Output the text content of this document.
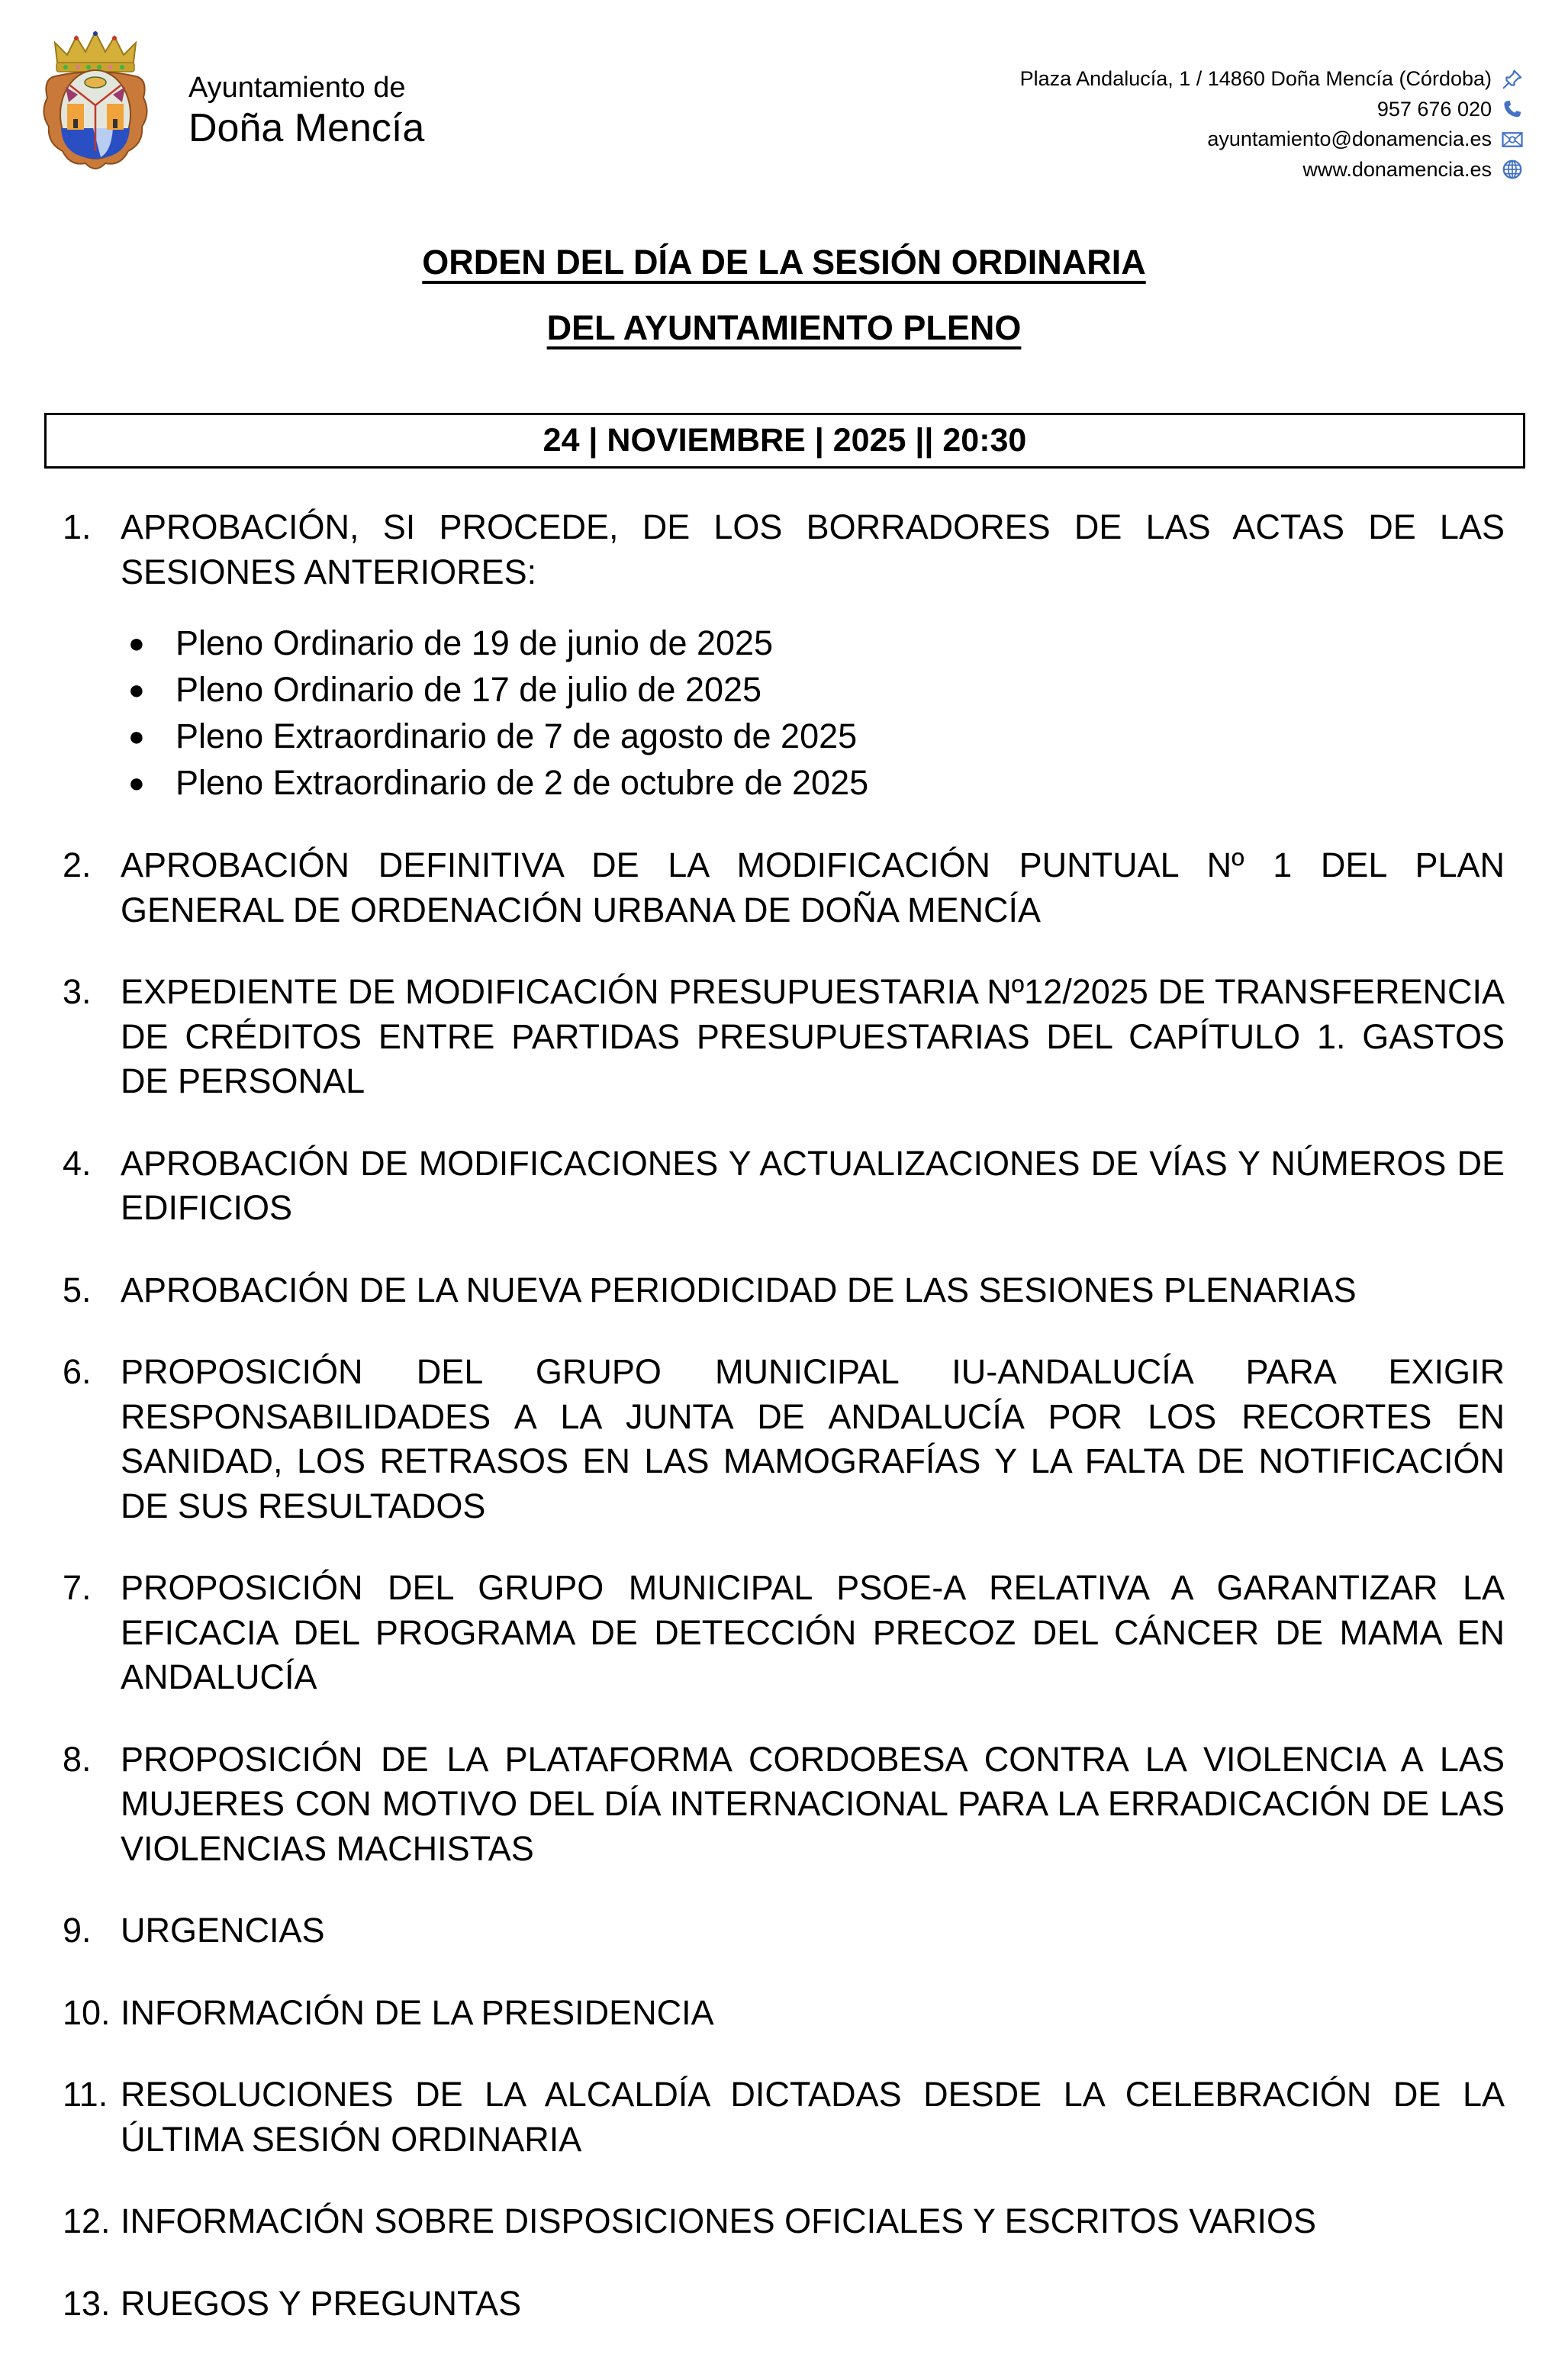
Ayuntamiento de
Doña Mencía
Plaza Andalucía, 1 / 14860 Doña Mencía (Córdoba)
957 676 020
ayuntamiento@donamencia.es
www.donamencia.es
ORDEN DEL DÍA DE LA SESIÓN ORDINARIA
DEL AYUNTAMIENTO PLENO
24 | NOVIEMBRE | 2025 || 20:30
1. APROBACIÓN, SI PROCEDE, DE LOS BORRADORES DE LAS ACTAS DE LAS SESIONES ANTERIORES:
● Pleno Ordinario de 19 de junio de 2025
● Pleno Ordinario de 17 de julio de 2025
● Pleno Extraordinario de 7 de agosto de 2025
● Pleno Extraordinario de 2 de octubre de 2025
2. APROBACIÓN DEFINITIVA DE LA MODIFICACIÓN PUNTUAL Nº 1 DEL PLAN GENERAL DE ORDENACIÓN URBANA DE DOÑA MENCÍA
3. EXPEDIENTE DE MODIFICACIÓN PRESUPUESTARIA Nº12/2025 DE TRANSFERENCIA DE CRÉDITOS ENTRE PARTIDAS PRESUPUESTARIAS DEL CAPÍTULO 1. GASTOS DE PERSONAL
4. APROBACIÓN DE MODIFICACIONES Y ACTUALIZACIONES DE VÍAS Y NÚMEROS DE EDIFICIOS
5. APROBACIÓN DE LA NUEVA PERIODICIDAD DE LAS SESIONES PLENARIAS
6. PROPOSICIÓN DEL GRUPO MUNICIPAL IU-ANDALUCÍA PARA EXIGIR RESPONSABILIDADES A LA JUNTA DE ANDALUCÍA POR LOS RECORTES EN SANIDAD, LOS RETRASOS EN LAS MAMOGRAFÍAS Y LA FALTA DE NOTIFICACIÓN DE SUS RESULTADOS
7. PROPOSICIÓN DEL GRUPO MUNICIPAL PSOE-A RELATIVA A GARANTIZAR LA EFICACIA DEL PROGRAMA DE DETECCIÓN PRECOZ DEL CÁNCER DE MAMA EN ANDALUCÍA
8. PROPOSICIÓN DE LA PLATAFORMA CORDOBESA CONTRA LA VIOLENCIA A LAS MUJERES CON MOTIVO DEL DÍA INTERNACIONAL PARA LA ERRADICACIÓN DE LAS VIOLENCIAS MACHISTAS
9. URGENCIAS
10. INFORMACIÓN DE LA PRESIDENCIA
11. RESOLUCIONES DE LA ALCALDÍA DICTADAS DESDE LA CELEBRACIÓN DE LA ÚLTIMA SESIÓN ORDINARIA
12. INFORMACIÓN SOBRE DISPOSICIONES OFICIALES Y ESCRITOS VARIOS
13. RUEGOS Y PREGUNTAS
